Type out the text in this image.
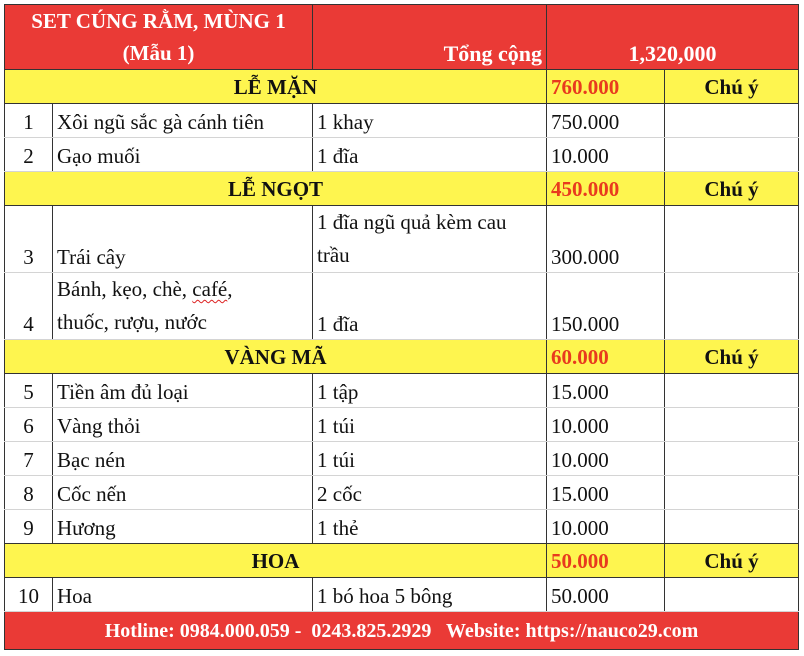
SET CÚNG RẰM, MÙNG 1
(Mẫu 1)		Tổng cộng	1,320,000	
LỄ MẶN			760.000	Chú ý
1	Xôi ngũ sắc gà cánh tiên	1 khay	750.000	
2	Gạo muối	1 đĩa	10.000	
LỄ NGỌT			450.000	Chú ý
3	Trái cây	1 đĩa ngũ quả kèm cau trầu	300.000	
4	Bánh, kẹo, chè, café,
thuốc, rượu, nước	1 đĩa	150.000	
VÀNG MÃ			60.000	Chú ý
5	Tiền âm đủ loại	1 tập	15.000	
6	Vàng thỏi	1 túi	10.000	
7	Bạc nén	1 túi	10.000	
8	Cốc nến	2 cốc	15.000	
9	Hương	1 thẻ	10.000	
HOA			50.000	Chú ý
10	Hoa	1 bó hoa 5 bông	50.000	
Hotline: 0984.000.059 -  0243.825.2929   Website: https://nauco29.com				
